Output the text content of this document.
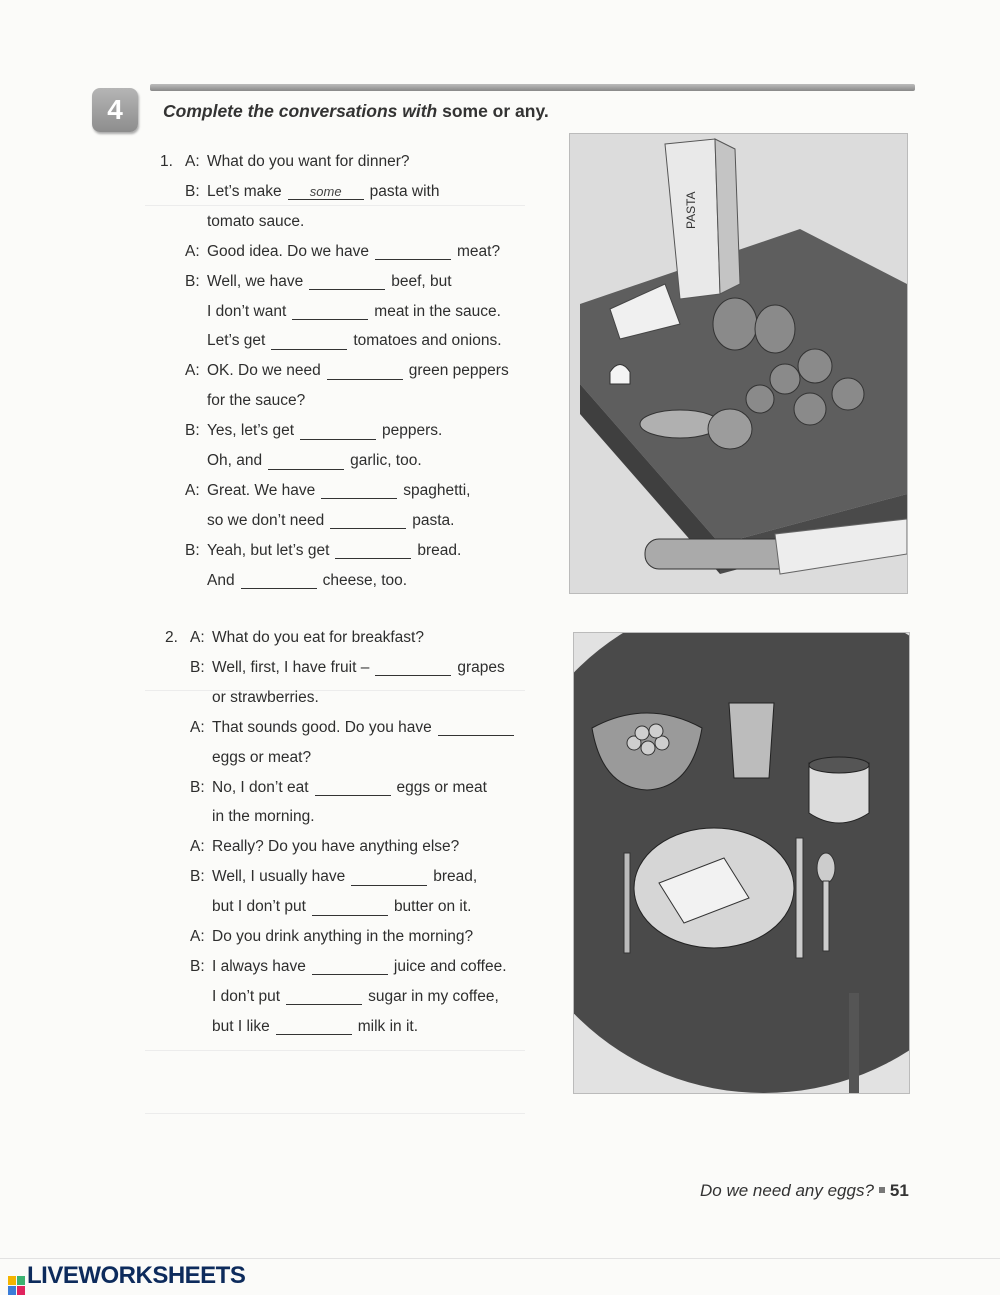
4	Complete the conversations with some or any.
1. A: What do you want for dinner?
B: Let’s makesome	pasta with
tomato sauce.
A: Good idea. Do we have	meat?
B: Well, we have	beef, but
I don’t want	meat in the sauce.
Let’s get	tomatoes and onions.
A: OK. Do we need	green peppers
for the sauce?
B: Yes, let’s get	peppers.
Oh, and	garlic, too.
A: Great. We have	spaghetti,
so we don’t need	pasta.
B: Yeah, but let’s get	bread.
And	cheese, too.
2. A: What do you eat for breakfast?
B: Well, first, I have fruit –	grapes
or strawberries.
A: That sounds good. Do you have
eggs or meat?
B: No, I don’t eat	eggs or meat
in the morning.
A: Really? Do you have anything else?
B: Well, I usually have	bread,
but I don’t put	butter on it.
A: Do you drink anything in the morning?
B: I always have	juice and coffee.
I don’t put	sugar in my coffee,
but I like	milk in it.
PASTA
Do we need any eggs? 51
LIVEWORKSHEETS
